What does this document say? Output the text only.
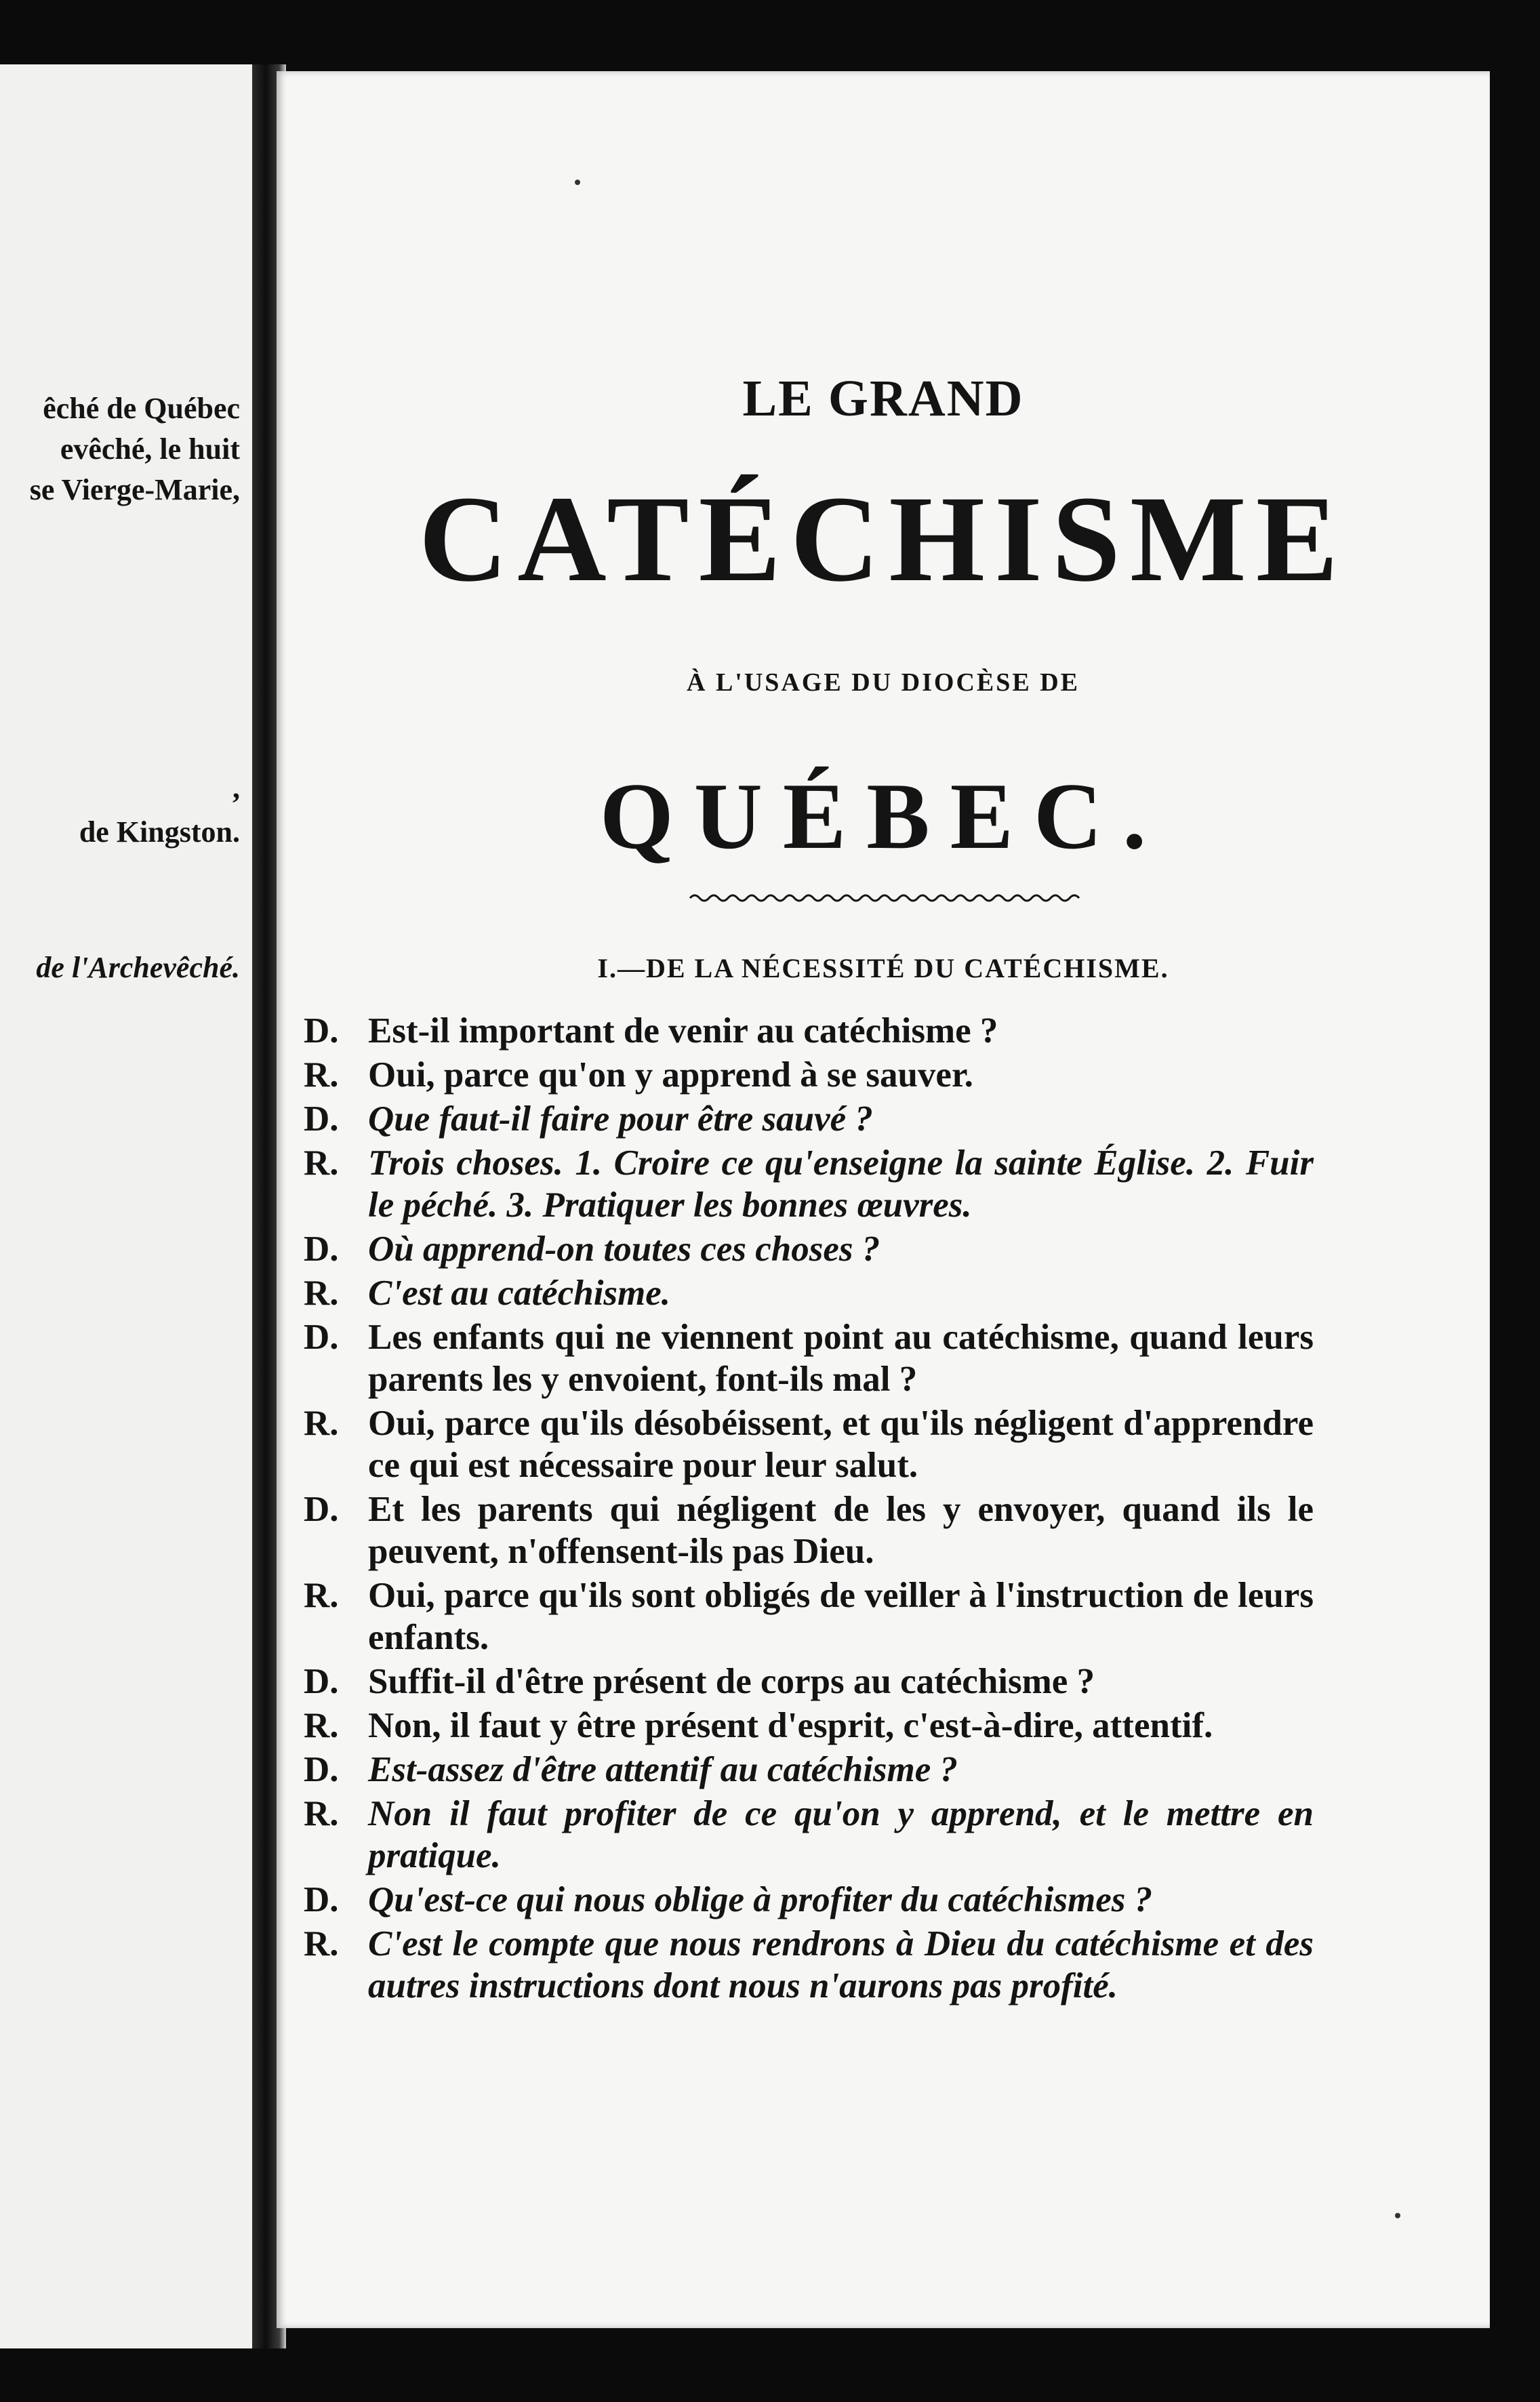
êché de Québec
evêché, le huit
se Vierge-Marie,
,
de Kingston.
de l'Archevêché.
LE GRAND
CATÉCHISME
À L'USAGE DU DIOCÈSE DE
QUÉBEC.
I.—DE LA NÉCESSITÉ DU CATÉCHISME.
D. Est-il important de venir au catéchisme ?
R. Oui, parce qu'on y apprend à se sauver.
D. Que faut-il faire pour être sauvé ?
R. Trois choses. 1. Croire ce qu'enseigne la sainte Église. 2. Fuir le péché. 3. Pratiquer les bonnes œuvres.
D. Où apprend-on toutes ces choses ?
R. C'est au catéchisme.
D. Les enfants qui ne viennent point au catéchisme, quand leurs parents les y envoient, font-ils mal ?
R. Oui, parce qu'ils désobéissent, et qu'ils négligent d'apprendre ce qui est nécessaire pour leur salut.
D. Et les parents qui négligent de les y envoyer, quand ils le peuvent, n'offensent-ils pas Dieu.
R. Oui, parce qu'ils sont obligés de veiller à l'instruction de leurs enfants.
D. Suffit-il d'être présent de corps au catéchisme ?
R. Non, il faut y être présent d'esprit, c'est-à-dire, attentif.
D. Est-assez d'être attentif au catéchisme ?
R. Non il faut profiter de ce qu'on y apprend, et le mettre en pratique.
D. Qu'est-ce qui nous oblige à profiter du catéchismes ?
R. C'est le compte que nous rendrons à Dieu du catéchisme et des autres instructions dont nous n'aurons pas profité.
